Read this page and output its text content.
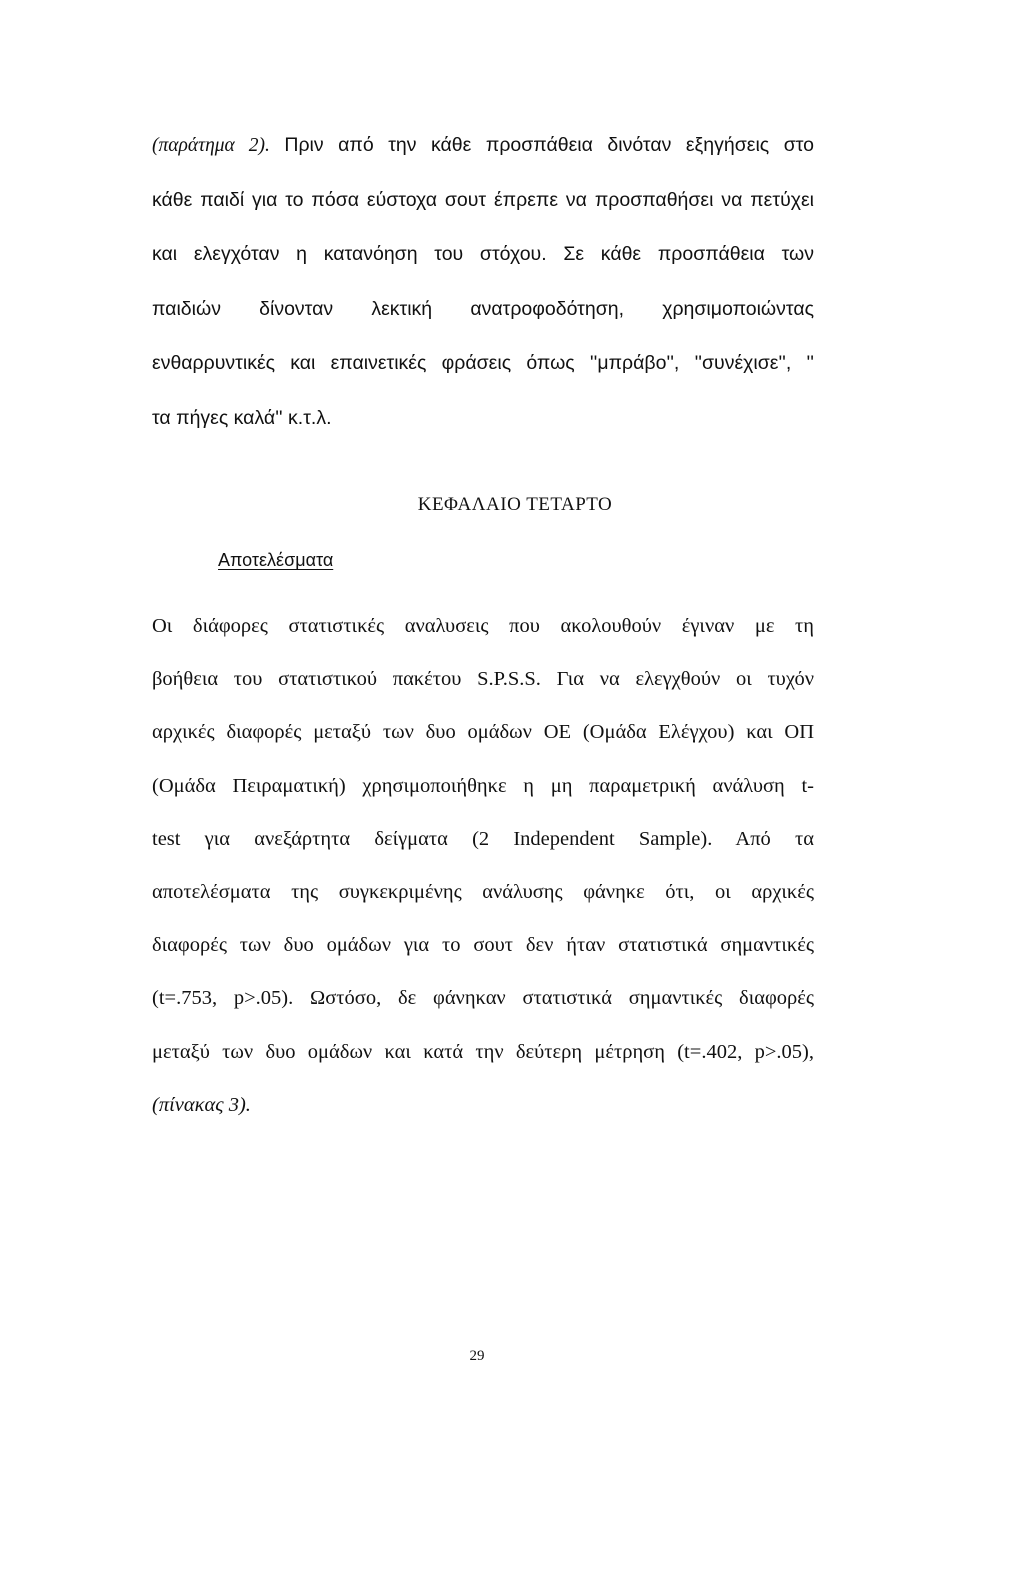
(παράτημα 2). Πριν από την κάθε προσπάθεια δινόταν εξηγήσεις στο
κάθε παιδί για το πόσα εύστοχα σουτ έπρεπε να προσπαθήσει να πετύχει
και ελεγχόταν η κατανόηση του στόχου. Σε κάθε προσπάθεια των
παιδιών δίνονταν λεκτική ανατροφοδότηση, χρησιμοποιώντας
ενθαρρυντικές και επαινετικές φράσεις όπως ''μπράβο'', ''συνέχισε'', ''
τα πήγες καλά'' κ.τ.λ.
ΚΕΦΑΛΑΙΟ ΤΕΤΑΡΤΟ
Αποτελέσματα
Οι διάφορες στατιστικές αναλυσεις που ακολουθούν έγιναν με τη
βοήθεια του στατιστικού πακέτου S.P.S.S. Για να ελεγχθούν οι τυχόν
αρχικές διαφορές μεταξύ των δυο ομάδων ΟΕ (Ομάδα Ελέγχου) και ΟΠ
(Ομάδα Πειραματική) χρησιμοποιήθηκε η μη παραμετρική ανάλυση t-
test για ανεξάρτητα δείγματα (2 Independent Sample). Από τα
αποτελέσματα της συγκεκριμένης ανάλυσης φάνηκε ότι, οι αρχικές
διαφορές των δυο ομάδων για το σουτ δεν ήταν στατιστικά σημαντικές
(t=.753, p>.05). Ωστόσο, δε φάνηκαν στατιστικά σημαντικές διαφορές
μεταξύ των δυο ομάδων και κατά την δεύτερη μέτρηση (t=.402, p>.05),
(πίνακας 3).
29
